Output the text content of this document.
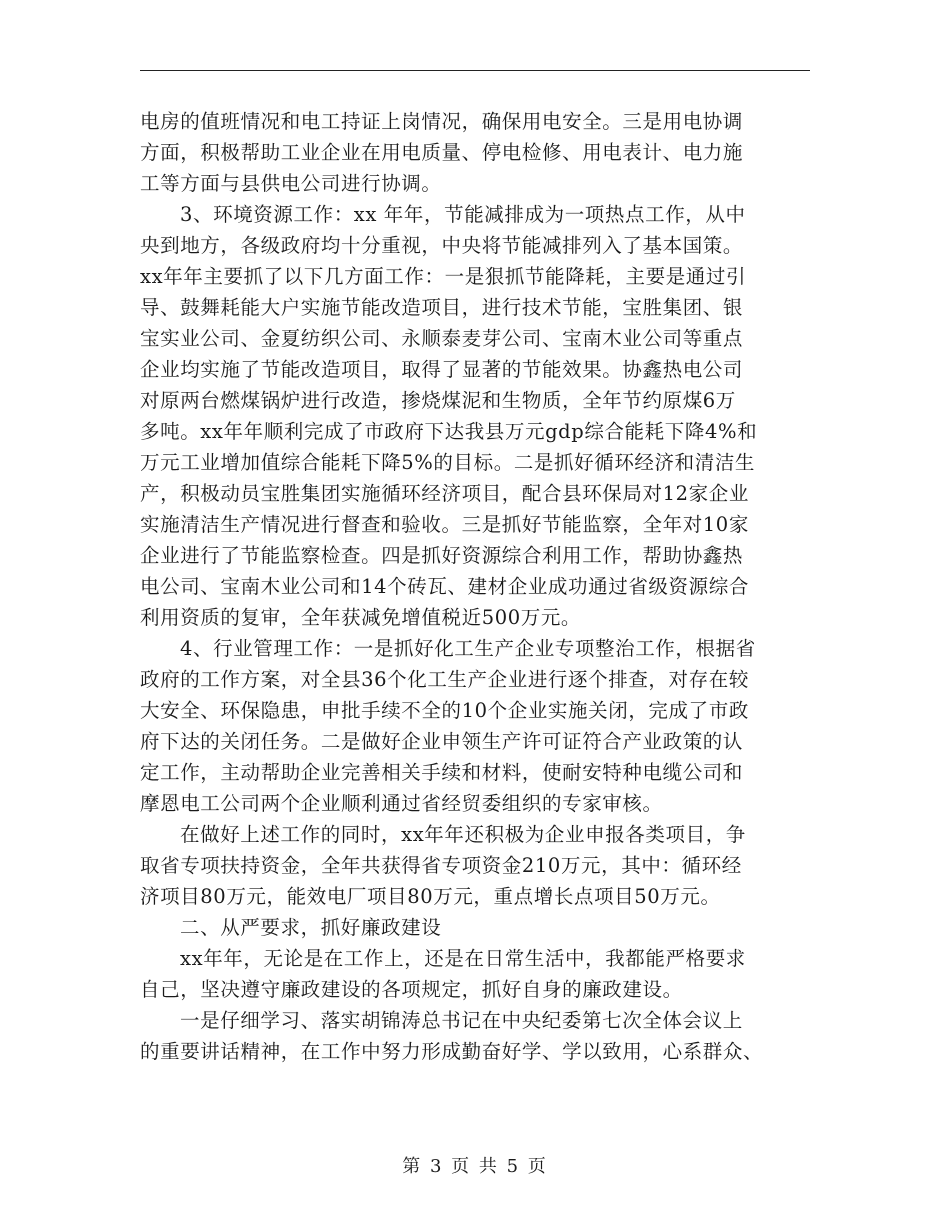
电房的值班情况和电工持证上岗情况，确保用电安全。三是用电协调
方面，积极帮助工业企业在用电质量、停电检修、用电表计、电力施
工等方面与县供电公司进行协调。
3、环境资源工作：xx 年年，节能减排成为一项热点工作，从中
央到地方，各级政府均十分重视，中央将节能减排列入了基本国策。
xx年年主要抓了以下几方面工作：一是狠抓节能降耗，主要是通过引
导、鼓舞耗能大户实施节能改造项目，进行技术节能，宝胜集团、银
宝实业公司、金夏纺织公司、永顺泰麦芽公司、宝南木业公司等重点
企业均实施了节能改造项目，取得了显著的节能效果。协鑫热电公司
对原两台燃煤锅炉进行改造，掺烧煤泥和生物质，全年节约原煤6万
多吨。xx年年顺利完成了市政府下达我县万元gdp综合能耗下降4%和
万元工业增加值综合能耗下降5%的目标。二是抓好循环经济和清洁生
产，积极动员宝胜集团实施循环经济项目，配合县环保局对12家企业
实施清洁生产情况进行督查和验收。三是抓好节能监察，全年对10家
企业进行了节能监察检查。四是抓好资源综合利用工作，帮助协鑫热
电公司、宝南木业公司和14个砖瓦、建材企业成功通过省级资源综合
利用资质的复审，全年获减免增值税近500万元。
4、行业管理工作：一是抓好化工生产企业专项整治工作，根据省
政府的工作方案，对全县36个化工生产企业进行逐个排查，对存在较
大安全、环保隐患，申批手续不全的10个企业实施关闭，完成了市政
府下达的关闭任务。二是做好企业申领生产许可证符合产业政策的认
定工作，主动帮助企业完善相关手续和材料，使耐安特种电缆公司和
摩恩电工公司两个企业顺利通过省经贸委组织的专家审核。
在做好上述工作的同时，xx年年还积极为企业申报各类项目，争
取省专项扶持资金，全年共获得省专项资金210万元，其中：循环经
济项目80万元，能效电厂项目80万元，重点增长点项目50万元。
二、从严要求，抓好廉政建设
xx年年，无论是在工作上，还是在日常生活中，我都能严格要求
自己，坚决遵守廉政建设的各项规定，抓好自身的廉政建设。
一是仔细学习、落实胡锦涛总书记在中央纪委第七次全体会议上
的重要讲话精神，在工作中努力形成勤奋好学、学以致用，心系群众、
第 3 页 共 5 页
